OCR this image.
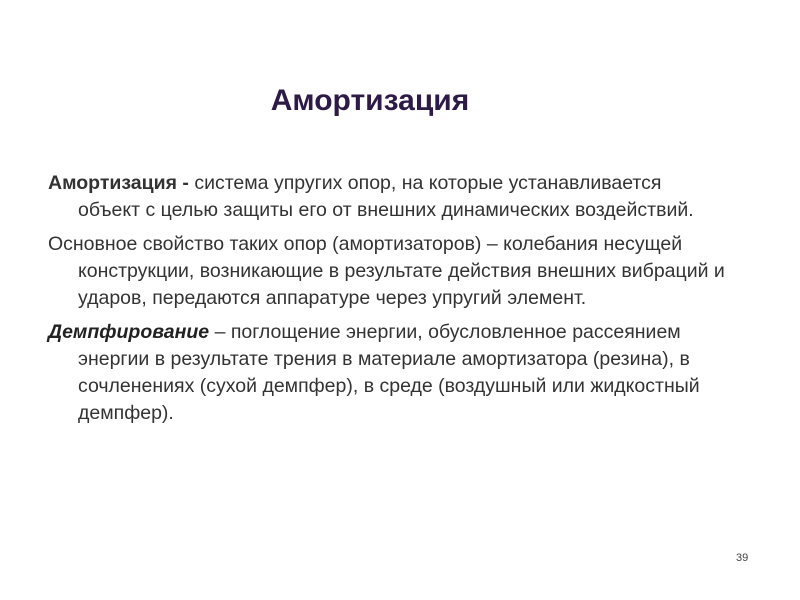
Амортизация

Амортизация - система упругих опор, на которые устанавливается объект с целью защиты его от внешних динамических воздействий.

Основное свойство таких опор (амортизаторов) – колебания несущей конструкции, возникающие в результате действия внешних вибраций и ударов, передаются аппаратуре через упругий элемент.

Демпфирование – поглощение энергии, обусловленное рассеянием энергии в результате трения в материале амортизатора (резина), в сочленениях (сухой демпфер), в среде (воздушный или жидкостный демпфер).

39
